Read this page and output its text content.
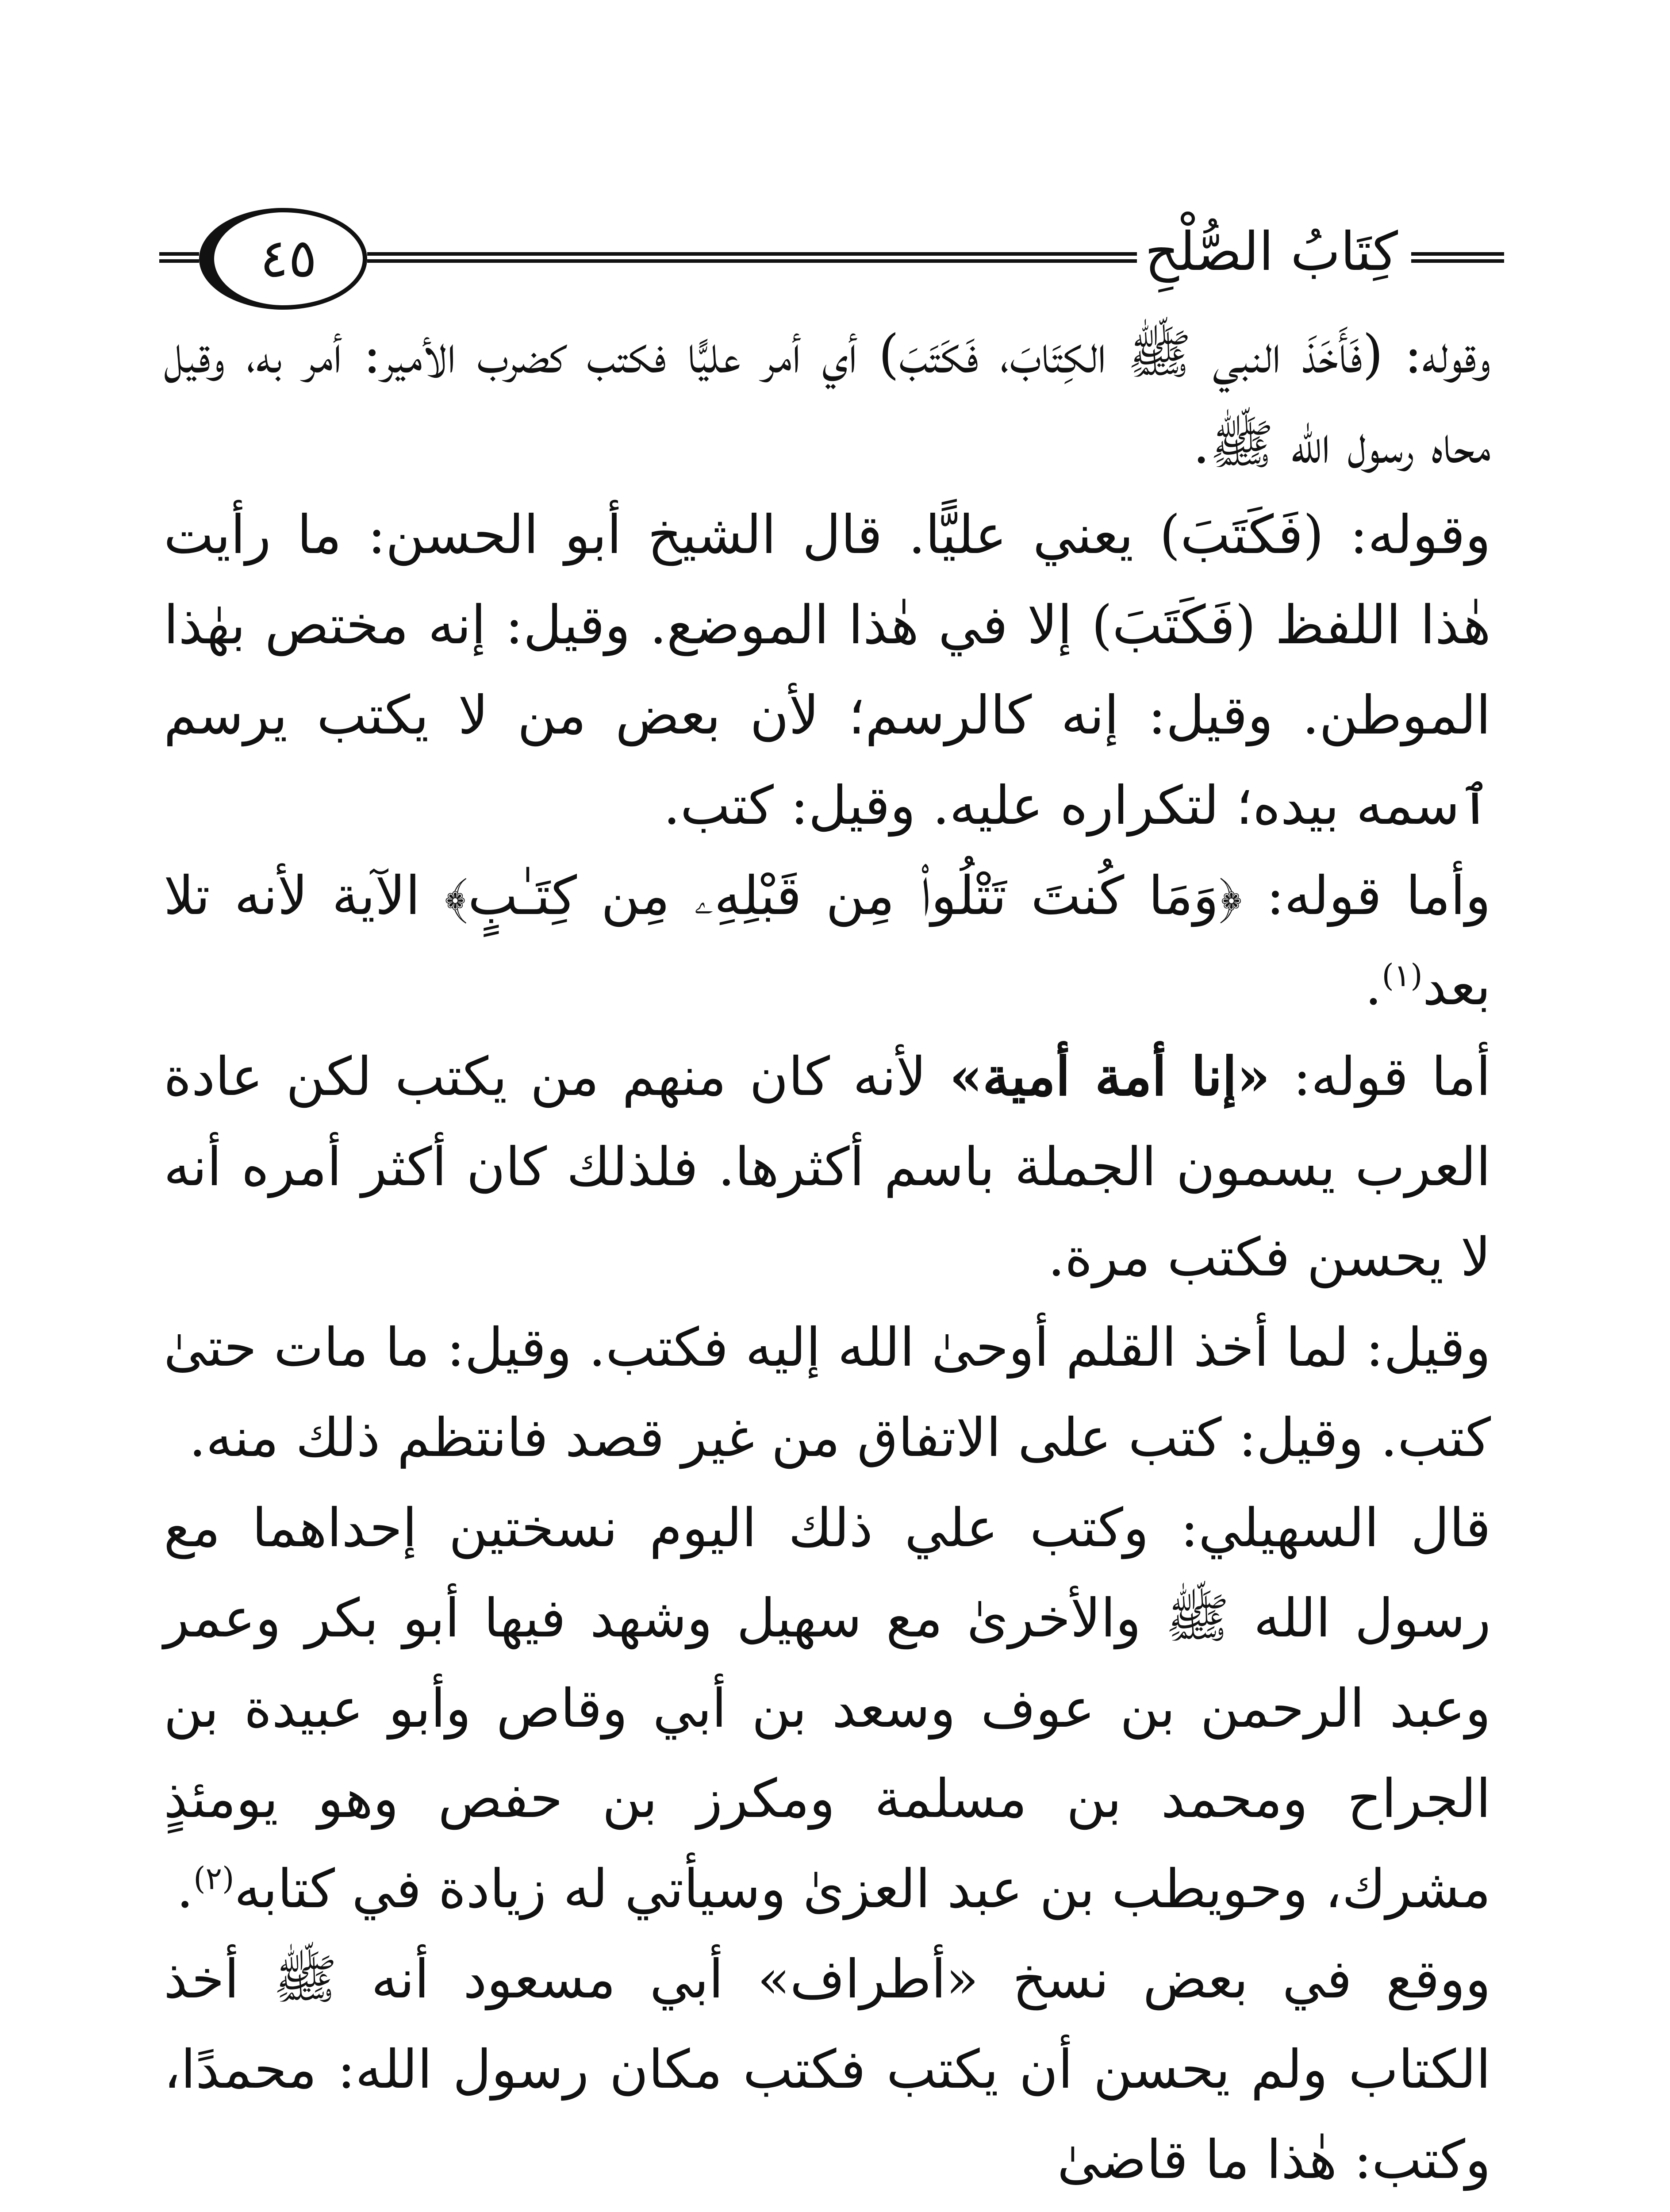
كِتَابُ الصُّلْحِ
٤٥

وقوله: (فَأَخَذَ النبي ﷺ الكِتَابَ، فَكَتَبَ) أي أمر عليًّا فكتب كضرب الأمير: أمر به، وقيل محاه رسول الله ﷺ.

وقوله: (فَكَتَبَ) يعني عليًّا. قال الشيخ أبو الحسن: ما رأيت هٰذا اللفظ (فَكَتَبَ) إلا في هٰذا الموضع. وقيل: إنه مختص بهٰذا الموطن. وقيل: إنه كالرسم؛ لأن بعض من لا يكتب يرسم ٱسمه بيده؛ لتكراره عليه. وقيل: كتب.

وأما قوله: ﴿وَمَا كُنتَ تَتْلُوا۟ مِن قَبْلِهِۦ مِن كِتَـٰبٍ﴾ الآية لأنه تلا بعد$^{(١)}$.

أما قوله: «إنا أمة أمية» لأنه كان منهم من يكتب لكن عادة العرب يسمون الجملة باسم أكثرها. فلذلك كان أكثر أمره أنه لا يحسن فكتب مرة.

وقيل: لما أخذ القلم أوحىٰ الله إليه فكتب. وقيل: ما مات حتىٰ كتب. وقيل: كتب على الاتفاق من غير قصد فانتظم ذلك منه.

قال السهيلي: وكتب علي ذلك اليوم نسختين إحداهما مع رسول الله ﷺ والأخرىٰ مع سهيل وشهد فيها أبو بكر وعمر وعبد الرحمن بن عوف وسعد بن أبي وقاص وأبو عبيدة بن الجراح ومحمد بن مسلمة ومكرز بن حفص وهو يومئذٍ مشرك، وحويطب بن عبد العزىٰ وسيأتي له زيادة في كتابه$^{(٢)}$.

ووقع في بعض نسخ «أطراف» أبي مسعود أنه ﷺ أخذ الكتاب ولم يحسن أن يكتب فكتب مكان رسول الله: محمدًا، وكتب: هٰذا ما قاضىٰ
